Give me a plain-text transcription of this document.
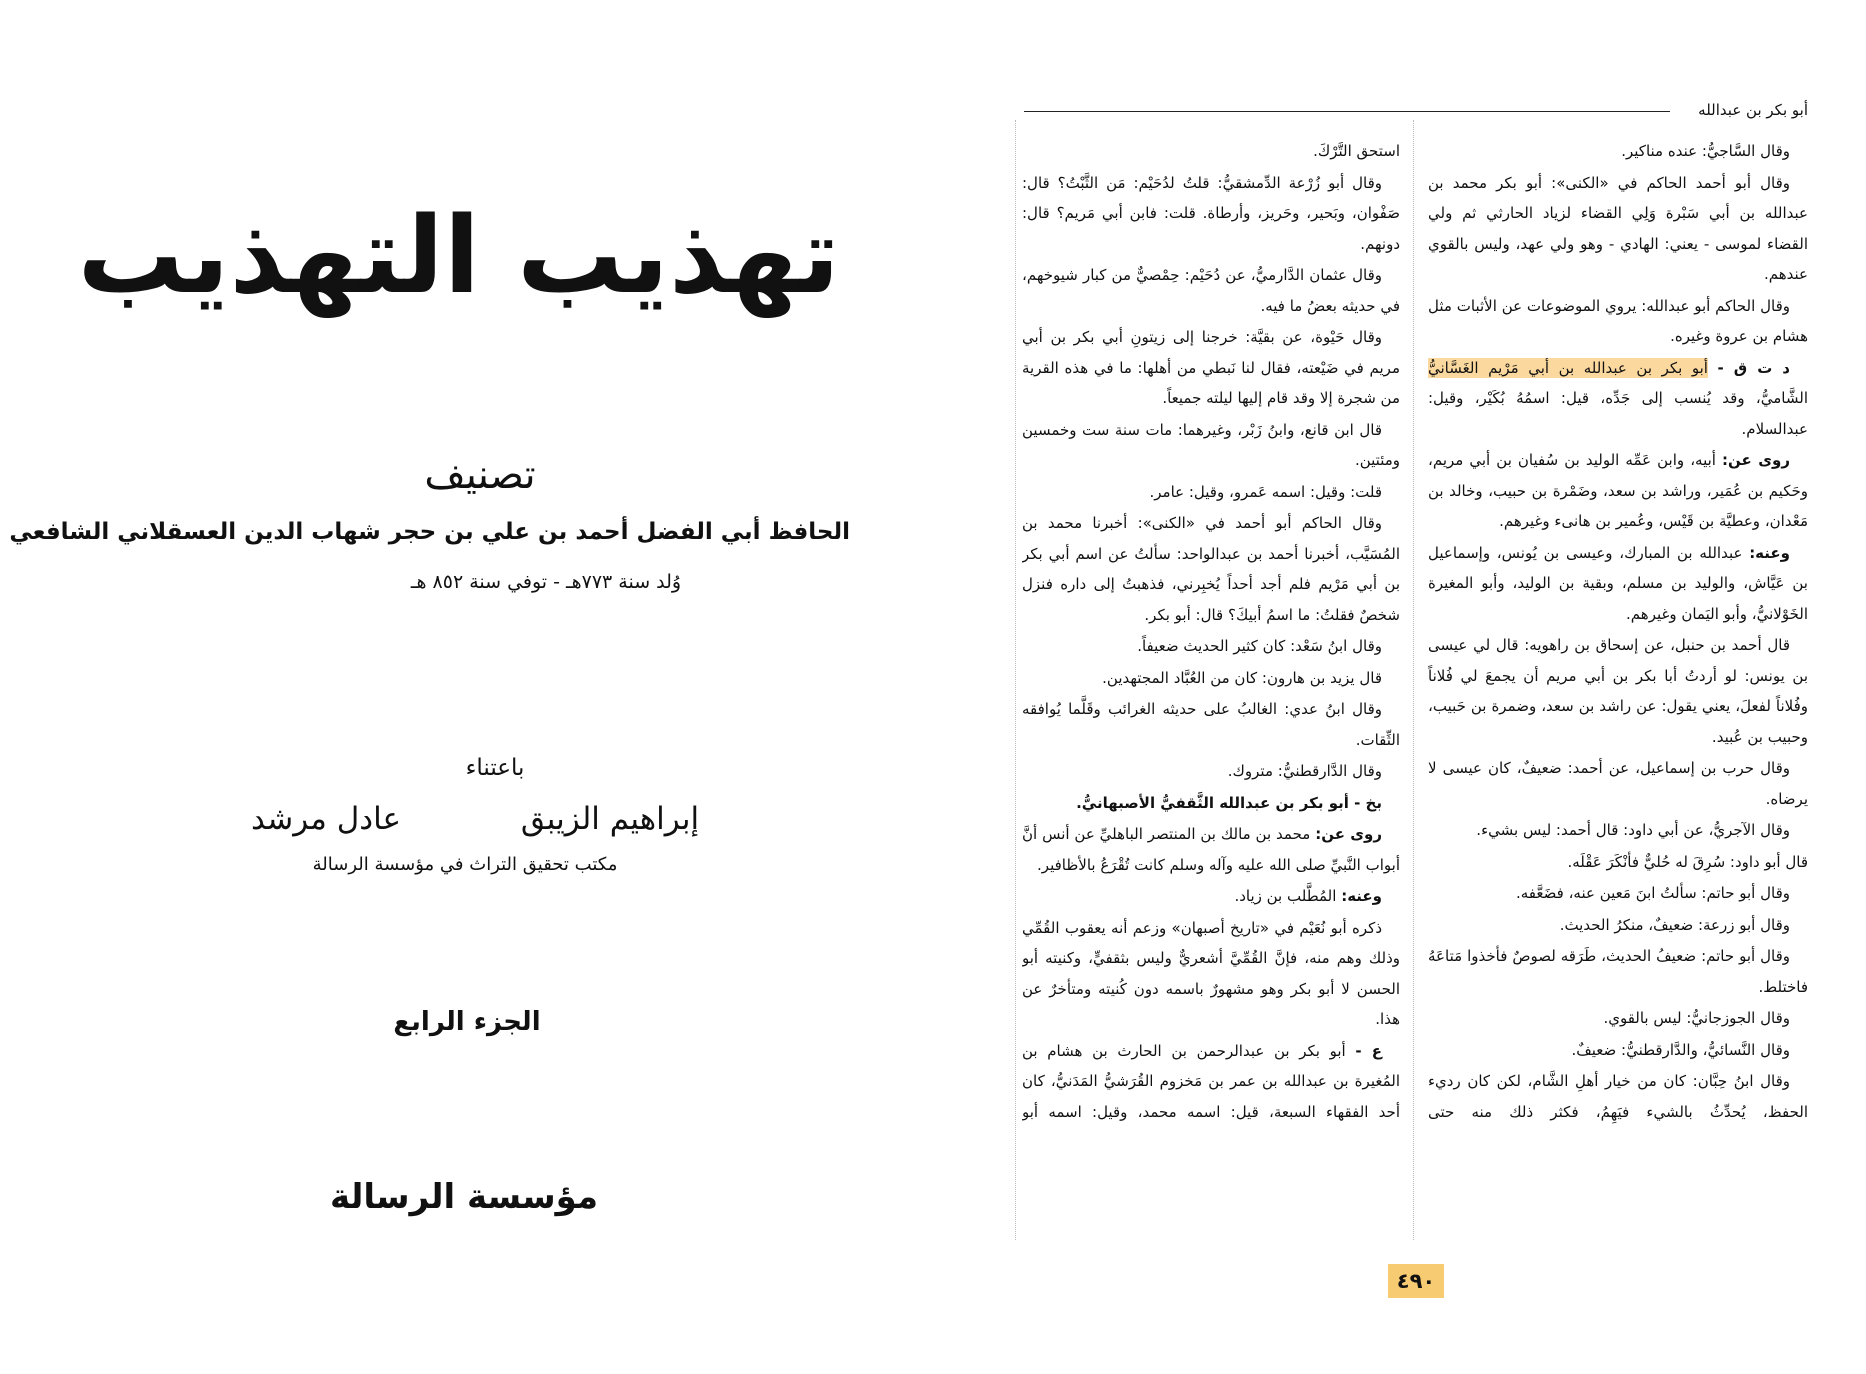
تهذيب التهذيب
تصنيف
الحافظ أبي الفضل أحمد بن علي بن حجر شهاب الدين العسقلاني الشافعي
وُلد سنة ٧٧٣هـ - توفي سنة ٨٥٢ هـ
باعتناء
إبراهيم الزيبق
عادل مرشد
مكتب تحقيق التراث في مؤسسة الرسالة
الجزء الرابع
مؤسسة الرسالة
أبو بكر بن عبدالله

وقال السَّاجيُّ: عنده مناكير.

وقال أبو أحمد الحاكم في «الكنى»: أبو بكر محمد بن عبدالله بن أبي سَبْرة وَلِي القضاء لزياد الحارثي ثم ولي القضاء لموسى - يعني: الهادي - وهو ولي عهد، وليس بالقوي عندهم.

وقال الحاكم أبو عبدالله: يروي الموضوعات عن الأثبات مثل هشام بن عروة وغيره.

د ت ق - أبو بكر بن عبدالله بن أبي مَرْيم الغَسَّانيُّ الشَّاميُّ، وقد يُنسب إلى جَدِّه، قيل: اسمُهُ بُكَيْر، وقيل: عبدالسلام.

روى عن: أبيه، وابن عَمِّه الوليد بن سُفيان بن أبي مريم، وحَكيم بن عُمَير، وراشد بن سعد، وضَمْرة بن حبيب، وخالد بن مَعْدان، وعطيَّة بن قَيْس، وعُمير بن هانىء وغيرهم.

وعنه: عبدالله بن المبارك، وعيسى بن يُونس، وإسماعيل بن عَيَّاش، والوليد بن مسلم، وبقية بن الوليد، وأبو المغيرة الخَوْلانيُّ، وأبو اليَمان وغيرهم.

قال أحمد بن حنبل، عن إسحاق بن راهويه: قال لي عيسى بن يونس: لو أردتُ أبا بكر بن أبي مريم أن يجمعَ لي فُلاناً وفُلاناً لفعلَ، يعني يقول: عن راشد بن سعد، وضمرة بن حَبيب، وحبيب بن عُبيد.

وقال حرب بن إسماعيل، عن أحمد: ضعيفٌ، كان عيسى لا يرضاه.

وقال الآجريُّ، عن أبي داود: قال أحمد: ليس بشيء.

قال أبو داود: سُرِقَ له حُليٌّ فأنْكَرَ عَقْلَه.

وقال أبو حاتم: سألتُ ابنَ مَعين عنه، فضَعَّفه.

وقال أبو زرعة: ضعيفٌ، منكرُ الحديث.

وقال أبو حاتم: ضعيفُ الحديث، طَرَقه لصوصٌ فأخذوا مَتاعَهُ فاختلط.

وقال الجوزجانيُّ: ليس بالقوي.

وقال النَّسائيُّ، والدَّارقطنيُّ: ضعيفٌ.

وقال ابنُ حِبَّان: كان من خيار أهلِ الشَّام، لكن كان رديء الحفظ، يُحدِّثُ بالشيء فيَهِمُ، فكثر ذلك منه حتى

استحق التَّرْكَ.

وقال أبو زُرْعة الدِّمشقيُّ: قلتُ لدُحَيْم: مَن الثَّبْتُ؟ قال: صَفْوان، وبَحير، وحَريز، وأرطاة. قلت: فابن أبي مَريم؟ قال: دونهم.

وقال عثمان الدَّارميُّ، عن دُحَيْم: حِمْصيٌّ من كبار شيوخهم، في حديثه بعضُ ما فيه.

وقال حَيْوة، عن بقيَّة: خرجنا إلى زيتونِ أبي بكر بن أبي مريم في ضَيْعته، فقال لنا نَبطي من أهلها: ما في هذه القرية من شجرة إلا وقد قام إليها ليلته جميعاً.

قال ابن قانع، وابنُ زَبْر، وغيرهما: مات سنة ست وخمسين ومئتين.

قلت: وقيل: اسمه عَمرو، وقيل: عامر.

وقال الحاكم أبو أحمد في «الكنى»: أخبرنا محمد بن المُسَيَّب، أخبرنا أحمد بن عبدالواحد: سألتُ عن اسم أبي بكر بن أبي مَرْيم فلم أجد أحداً يُخبِرني، فذهبتُ إلى داره فنزل شخصٌ فقلتُ: ما اسمُ أبيكَ؟ قال: أبو بكر.

وقال ابنُ سَعْد: كان كثير الحديث ضعيفاً.

قال يزيد بن هارون: كان من العُبَّاد المجتهدين.

وقال ابنُ عدي: الغالبُ على حديثه الغرائب وقَلَّما يُوافقه الثِّقات.

وقال الدَّارقطنيُّ: متروك.

بخ - أبو بكر بن عبدالله الثَّقفيُّ الأصبهانيُّ.

روى عن: محمد بن مالك بن المنتصر الباهليِّ عن أنس أنَّ أبواب النَّبيِّ صلى الله عليه وآله وسلم كانت تُقْرَعُ بالأظافير.

وعنه: المُطَّلب بن زياد.

ذكره أبو نُعَيْم في «تاريخ أصبهان» وزعم أنه يعقوب القُمِّي وذلك وهم منه، فإنَّ القُمِّيَّ أشعريٌّ وليس بثقفيٍّ، وكنيته أبو الحسن لا أبو بكر وهو مشهورٌ باسمه دون كُنيته ومتأخرٌ عن هذا.

ع - أبو بكر بن عبدالرحمن بن الحارث بن هشام بن المُغيرة بن عبدالله بن عمر بن مَخزوم القُرَشيُّ المَدَنيُّ، كان أحد الفقهاء السبعة، قيل: اسمه محمد، وقيل: اسمه أبو

٤٩٠
